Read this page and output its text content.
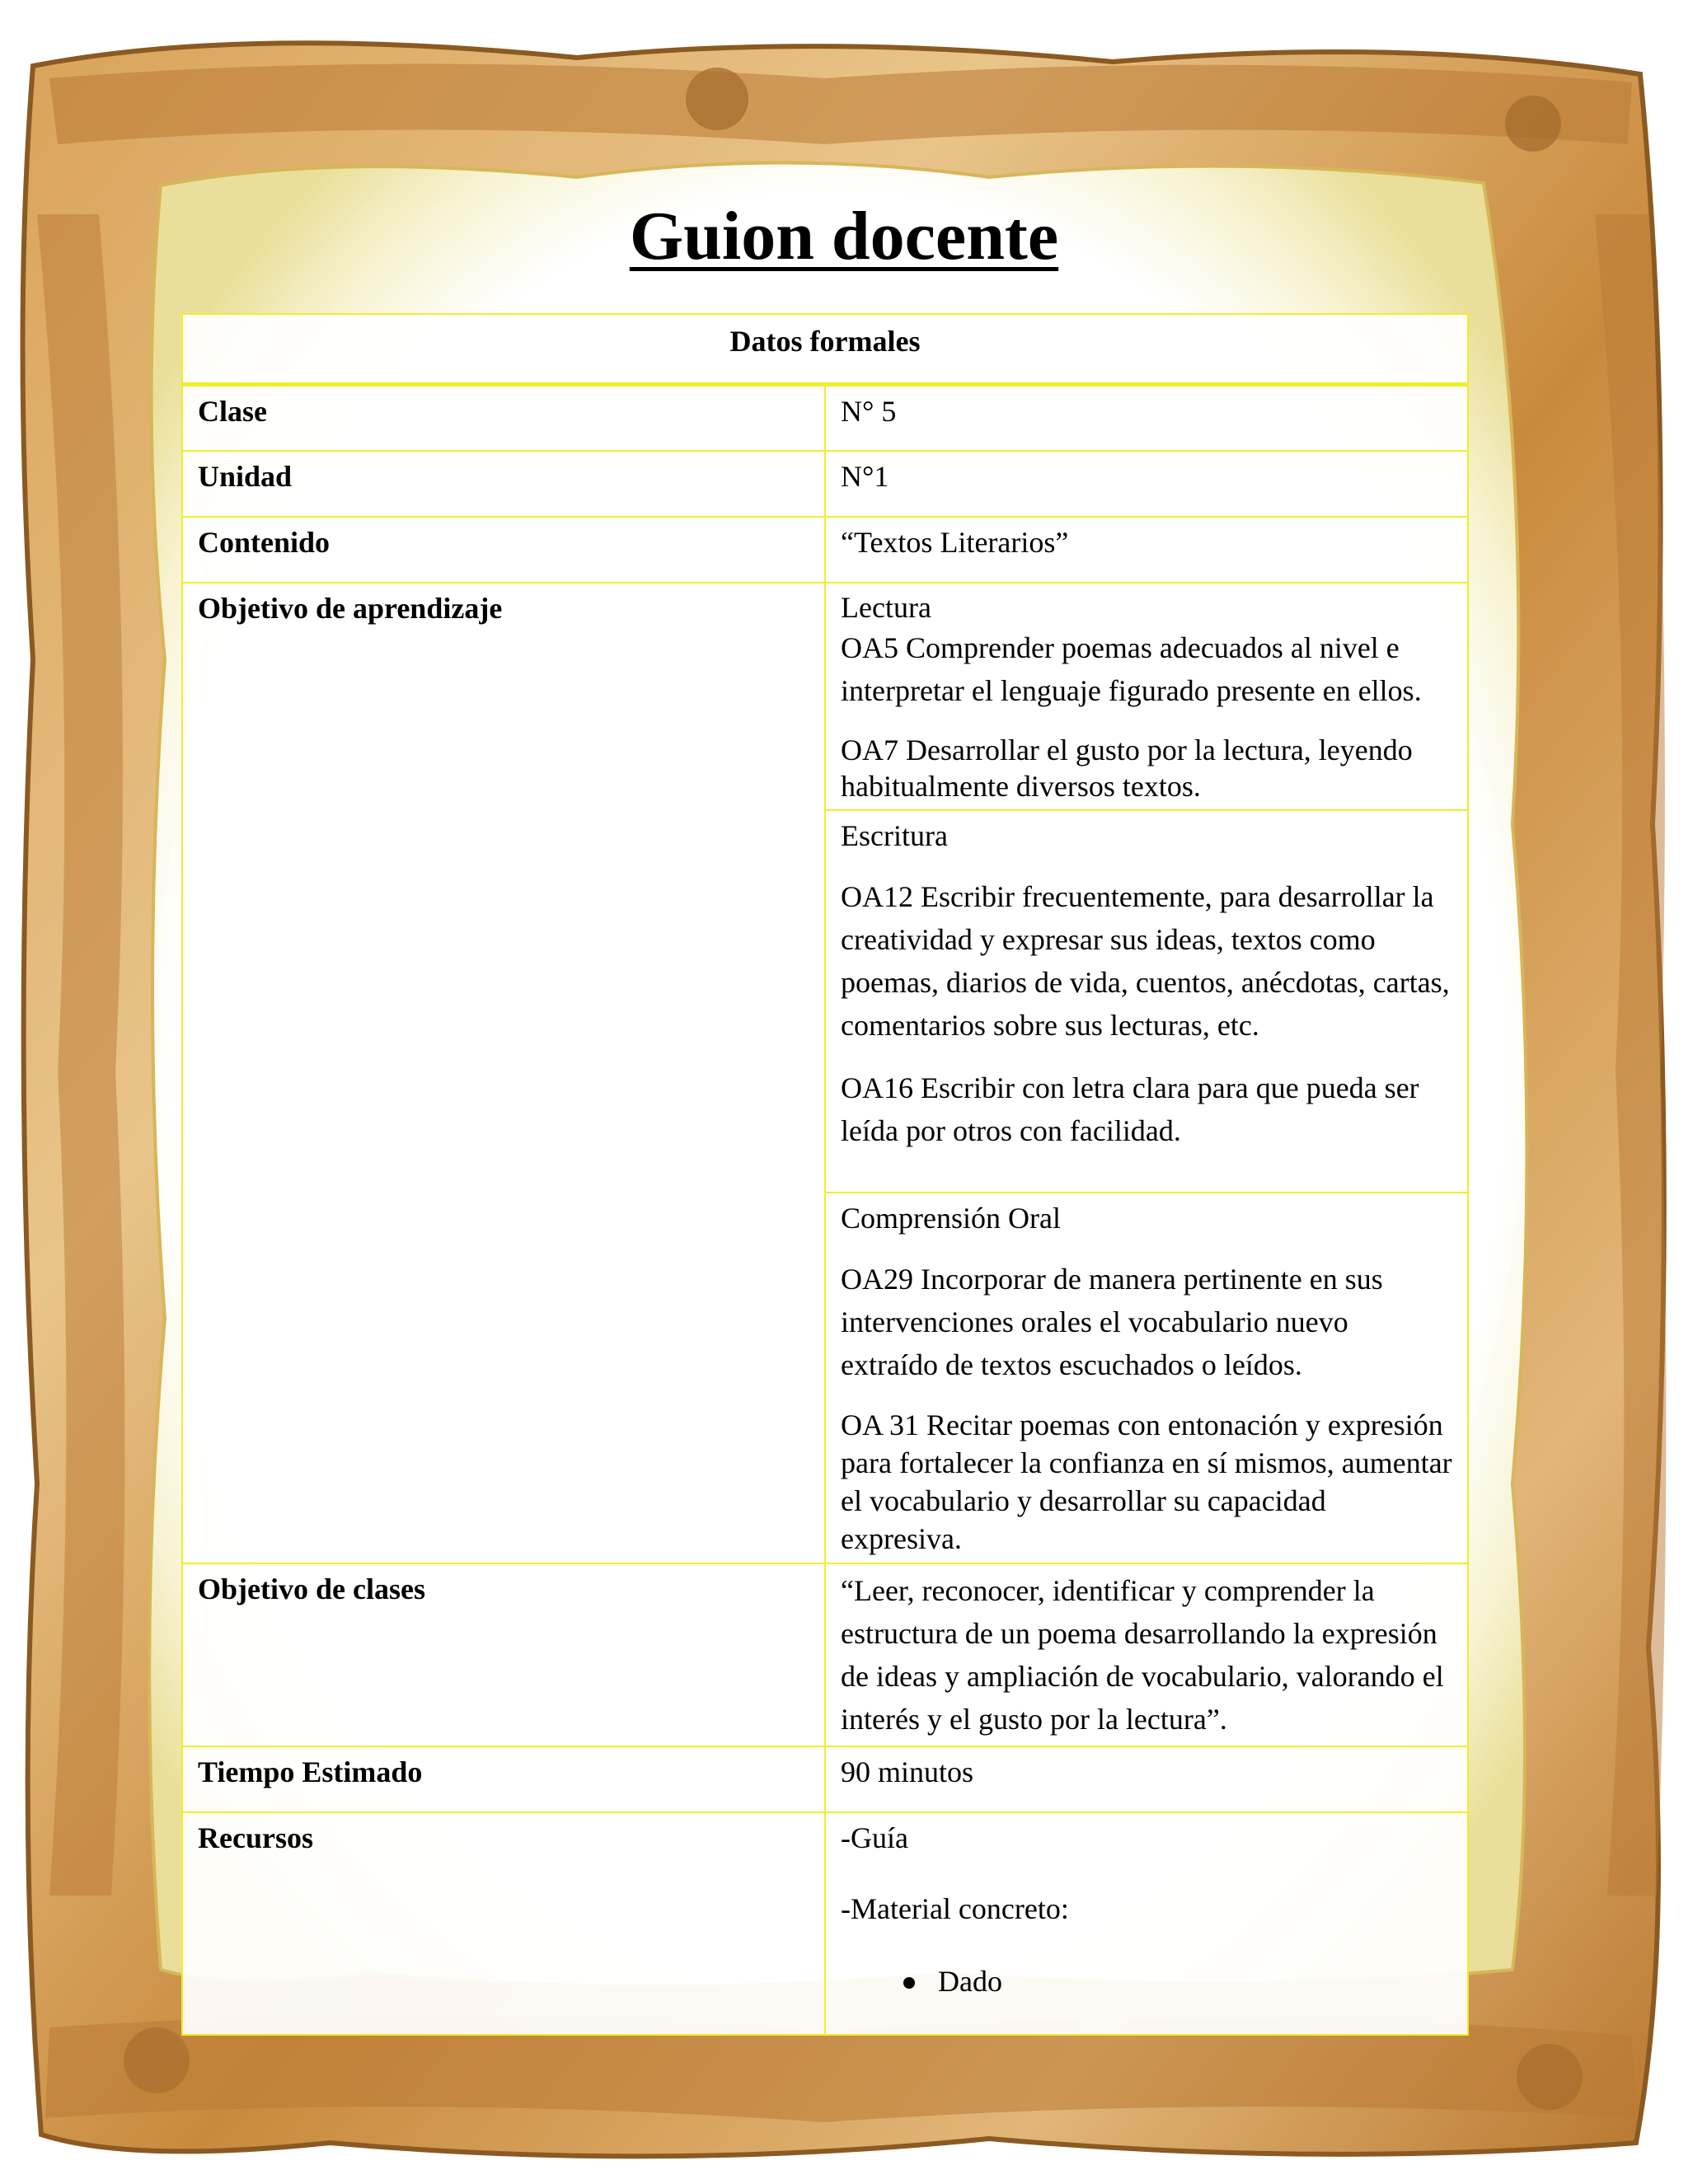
Guion docente
Datos formales	
Clase	N° 5
Unidad	N°1
Contenido	“Textos Literarios”
Objetivo de aprendizaje	Lectura

OA5 Comprender poemas adecuados al nivel e interpretar el lenguaje figurado presente en ellos.

OA7 Desarrollar el gusto por la lectura, leyendo habitualmente diversos textos.

	Escritura

OA12 Escribir frecuentemente, para desarrollar la creatividad y expresar sus ideas, textos como poemas, diarios de vida, cuentos, anécdotas, cartas, comentarios sobre sus lecturas, etc.

OA16 Escribir con letra clara para que pueda ser leída por otros con facilidad.

	Comprensión Oral

OA29 Incorporar de manera pertinente en sus intervenciones orales el vocabulario nuevo extraído de textos escuchados o leídos.

OA 31 Recitar poemas con entonación y expresión para fortalecer la confianza en sí mismos, aumentar el vocabulario y desarrollar su capacidad expresiva.

Objetivo de clases	“Leer, reconocer, identificar y comprender la estructura de un poema desarrollando la expresión de ideas y ampliación de vocabulario, valorando el interés y el gusto por la lectura”.
Tiempo Estimado	90 minutos
Recursos	-Guía

-Material concreto:

Dado
